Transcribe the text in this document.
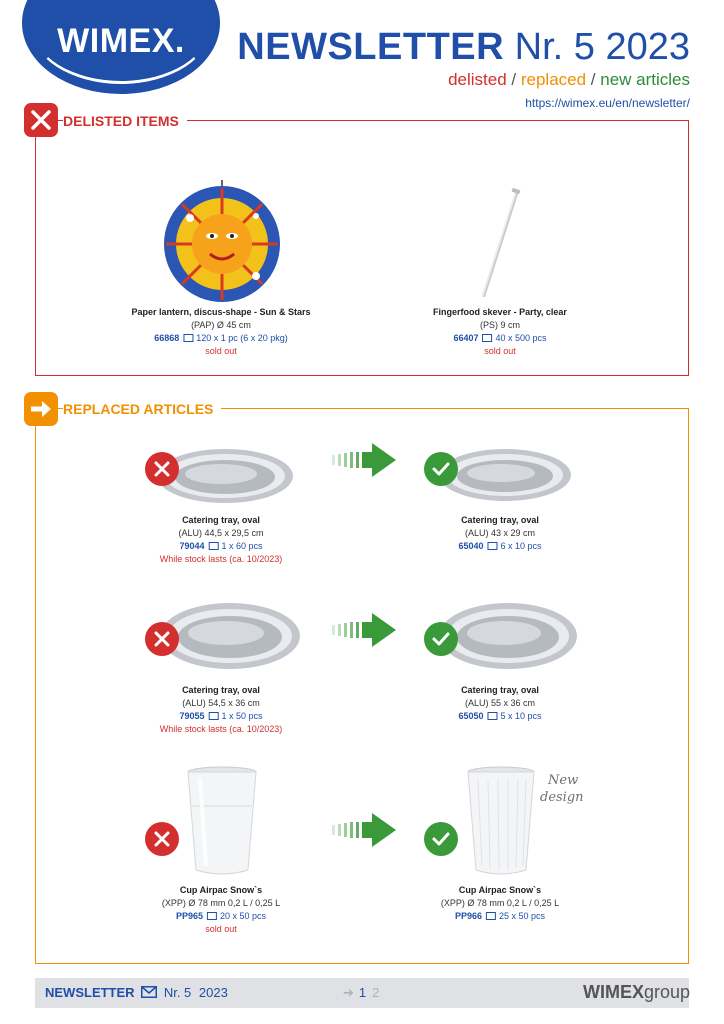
WIMEX.	NEWSLETTER Nr. 5 2023
delisted / replaced / new articles
https://wimex.eu/en/newsletter/
DELISTED ITEMS
Paper lantern, discus-shape - Sun & Stars
(PAP) Ø 45 cm
66868 120 x 1 pc (6 x 20 pkg)
sold out
Fingerfood skever - Party, clear
(PS) 9 cm
66407 40 x 500 pcs
sold out
REPLACED ARTICLES
Catering tray, oval
(ALU) 44,5 x 29,5 cm
79044 1 x 60 pcs
While stock lasts (ca. 10/2023)
Catering tray, oval
(ALU) 43 x 29 cm
65040 6 x 10 pcs
Catering tray, oval
(ALU) 54,5 x 36 cm
79055 1 x 50 pcs
While stock lasts (ca. 10/2023)
Catering tray, oval
(ALU) 55 x 36 cm
65050 5 x 10 pcs
New
design
Cup Airpac Snow`s
(XPP) Ø 78 mm 0,2 L / 0,25 L
PP965 20 x 50 pcs
sold out
Cup Airpac Snow`s
(XPP) Ø 78 mm 0,2 L / 0,25 L
PP966 25 x 50 pcs
NEWSLETTER Nr. 5 2023	➔ 1 2	WIMEXgroup
